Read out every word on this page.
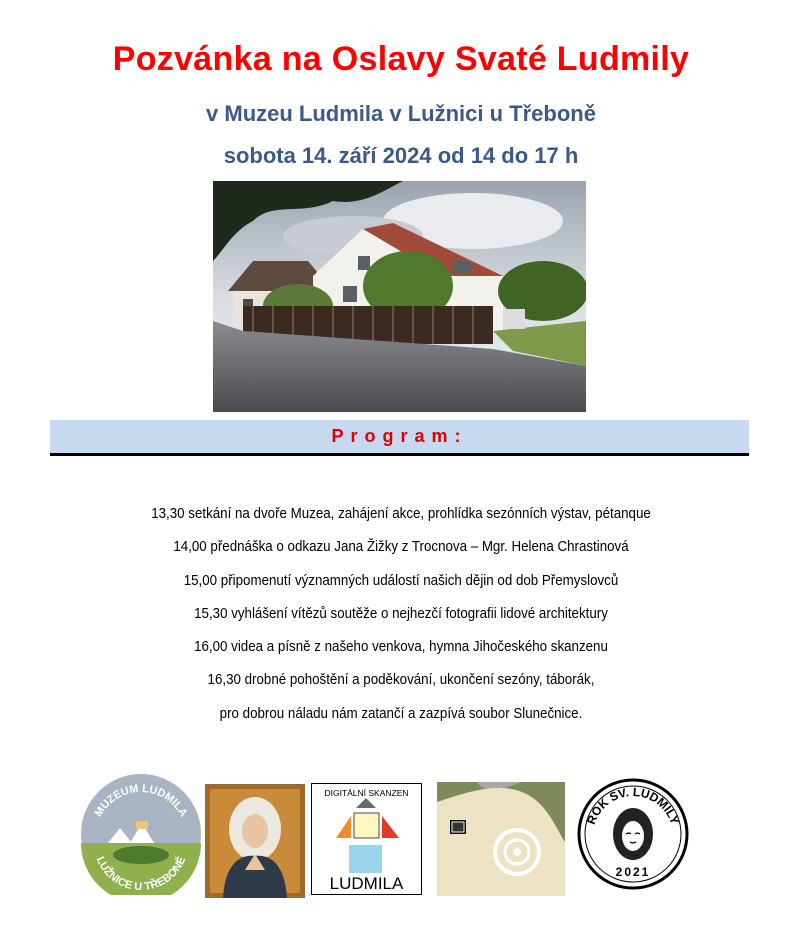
Pozvánka na Oslavy Svaté Ludmily
v Muzeu Ludmila v Lužnici u Třeboně
sobota 14. září 2024 od 14 do 17 h
Program:
13,30 setkání na dvoře Muzea, zahájení akce, prohlídka sezónních výstav, pétanque
14,00 přednáška o odkazu Jana Žižky z Trocnova – Mgr. Helena Chrastinová
15,00 připomenutí významných událostí našich dějin od dob Přemyslovců
15,30 vyhlášení vítězů soutěže o nejhezčí fotografii lidové architektury
16,00 videa a písně z našeho venkova, hymna Jihočeského skanzenu
16,30 drobné pohoštění a poděkování, ukončení sezóny, táborák,
pro dobrou náladu nám zatančí a zazpívá soubor Slunečnice.
MUZEUM LUDMILA
LUŽNICE U TŘEBONĚ
DIGITÁLNÍ SKANZEN
LUDMILA
ROK SV. LUDMILY
2021
